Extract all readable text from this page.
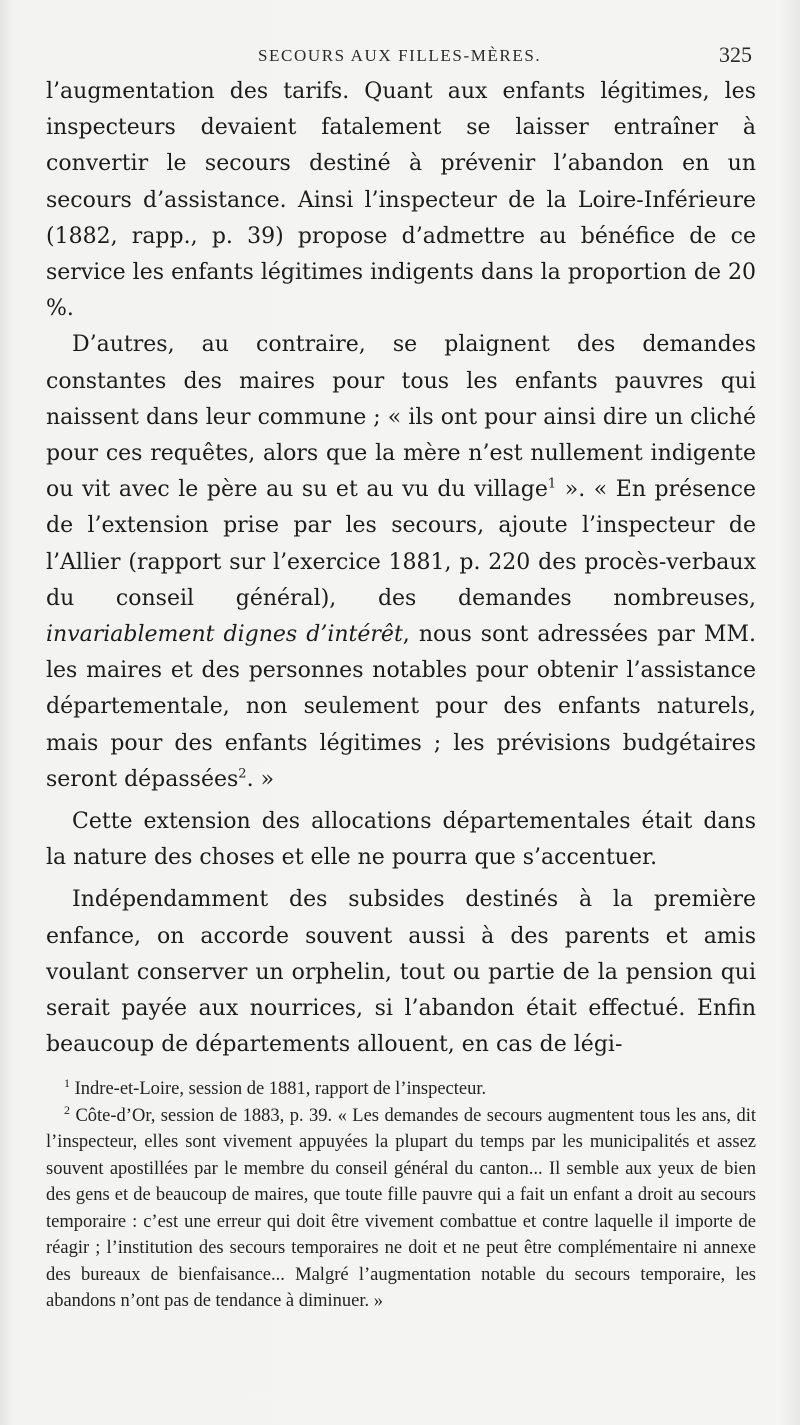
SECOURS AUX FILLES-MÈRES.	325

l’augmentation des tarifs. Quant aux enfants légitimes, les inspecteurs devaient fatalement se laisser entraîner à convertir le secours destiné à prévenir l’abandon en un secours d’assistance. Ainsi l’inspecteur de la Loire-Inférieure (1882, rapp., p. 39) propose d’admettre au bénéfice de ce service les enfants légitimes indigents dans la proportion de 20 %.

D’autres, au contraire, se plaignent des demandes constantes des maires pour tous les enfants pauvres qui naissent dans leur commune ; « ils ont pour ainsi dire un cliché pour ces requêtes, alors que la mère n’est nullement indigente ou vit avec le père au su et au vu du village$^1$ ». « En présence de l’extension prise par les secours, ajoute l’inspecteur de l’Allier (rapport sur l’exercice 1881, p. 220 des procès-verbaux du conseil général), des demandes nombreuses, invariablement dignes d’intérêt, nous sont adressées par MM. les maires et des personnes notables pour obtenir l’assistance départementale, non seulement pour des enfants naturels, mais pour des enfants légitimes ; les prévisions budgétaires seront dépassées$^2$. »

Cette extension des allocations départementales était dans la nature des choses et elle ne pourra que s’accentuer.

Indépendamment des subsides destinés à la première enfance, on accorde souvent aussi à des parents et amis voulant conserver un orphelin, tout ou partie de la pension qui serait payée aux nourrices, si l’abandon était effectué. Enfin beaucoup de départements allouent, en cas de légi-

$^1$ Indre-et-Loire, session de 1881, rapport de l’inspecteur.

$^2$ Côte-d’Or, session de 1883, p. 39. « Les demandes de secours augmentent tous les ans, dit l’inspecteur, elles sont vivement appuyées la plupart du temps par les municipalités et assez souvent apostillées par le membre du conseil général du canton... Il semble aux yeux de bien des gens et de beaucoup de maires, que toute fille pauvre qui a fait un enfant a droit au secours temporaire : c’est une erreur qui doit être vivement combattue et contre laquelle il importe de réagir ; l’institution des secours temporaires ne doit et ne peut être complémentaire ni annexe des bureaux de bienfaisance... Malgré l’augmentation notable du secours temporaire, les abandons n’ont pas de tendance à diminuer. »
